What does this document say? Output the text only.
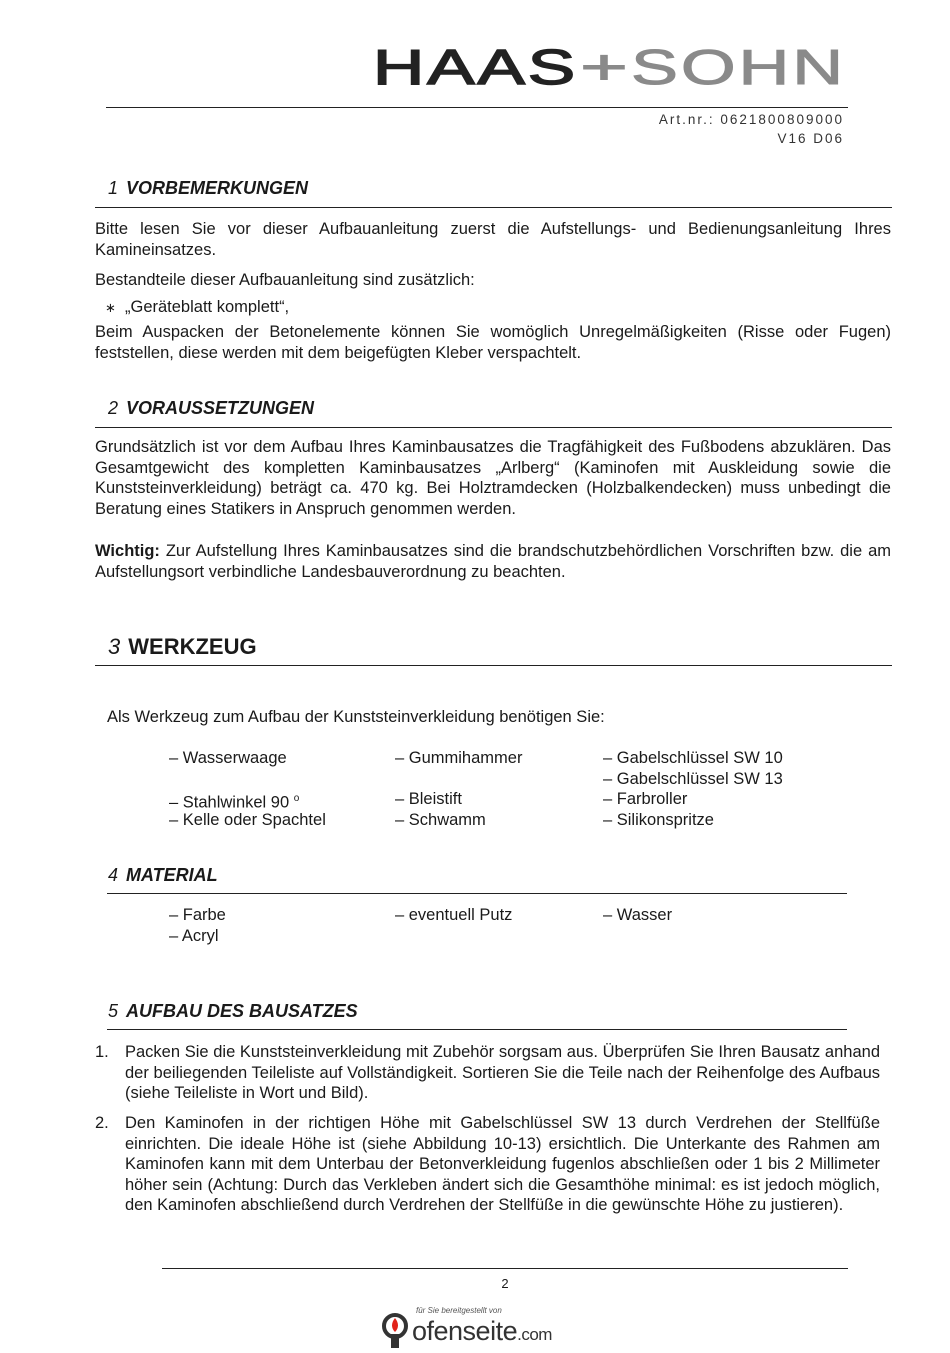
HAAS + SOHN
Art.nr.: 0621800809000
V16 D06
1 VORBEMERKUNGEN
Bitte lesen Sie vor dieser Aufbauanleitung zuerst die Aufstellungs- und Bedienungsanleitung Ihres Kamineinsatzes.
Bestandteile dieser Aufbauanleitung sind zusätzlich:
∗ „Geräteblatt komplett“,
Beim Auspacken der Betonelemente können Sie womöglich Unregelmäßigkeiten (Risse oder Fugen) feststellen, diese werden mit dem beigefügten Kleber verspachtelt.
2 VORAUSSETZUNGEN
Grundsätzlich ist vor dem Aufbau Ihres Kaminbausatzes die Tragfähigkeit des Fußbodens abzuklären. Das Gesamtgewicht des kompletten Kaminbausatzes „Arlberg“ (Kaminofen mit Auskleidung sowie die Kunststeinverkleidung) beträgt ca. 470 kg. Bei Holztramdecken (Holzbalkendecken) muss unbedingt die Beratung eines Statikers in Anspruch genommen werden.
Wichtig: Zur Aufstellung Ihres Kaminbausatzes sind die brandschutzbehördlichen Vorschriften bzw. die am Aufstellungsort verbindliche Landesbauverordnung zu beachten.
3 WERKZEUG
Als Werkzeug zum Aufbau der Kunststeinverkleidung benötigen Sie:
– Wasserwaage	– Gummihammer	– Gabelschlüssel SW 10
– Gabelschlüssel SW 13
– Stahlwinkel 90 $^o$	– Bleistift	– Farbroller
– Kelle oder Spachtel	– Schwamm	– Silikonspritze
4 MATERIAL
– Farbe	– eventuell Putz	– Wasser
– Acryl
5 AUFBAU DES BAUSATZES
1. Packen Sie die Kunststeinverkleidung mit Zubehör sorgsam aus. Überprüfen Sie Ihren Bausatz anhand der beiliegenden Teileliste auf Vollständigkeit. Sortieren Sie die Teile nach der Reihenfolge des Aufbaus (siehe Teileliste in Wort und Bild).
2. Den Kaminofen in der richtigen Höhe mit Gabelschlüssel SW 13 durch Verdrehen der Stellfüße einrichten. Die ideale Höhe ist (siehe Abbildung 10-13) ersichtlich. Die Unterkante des Rahmen am Kaminofen kann mit dem Unterbau der Betonverkleidung fugenlos abschließen oder 1 bis 2 Millimeter höher sein (Achtung: Durch das Verkleben ändert sich die Gesamthöhe minimal: es ist jedoch möglich, den Kaminofen abschließend durch Verdrehen der Stellfüße in die gewünschte Höhe zu justieren).
2
für Sie bereitgestellt von
ofenseite.com
